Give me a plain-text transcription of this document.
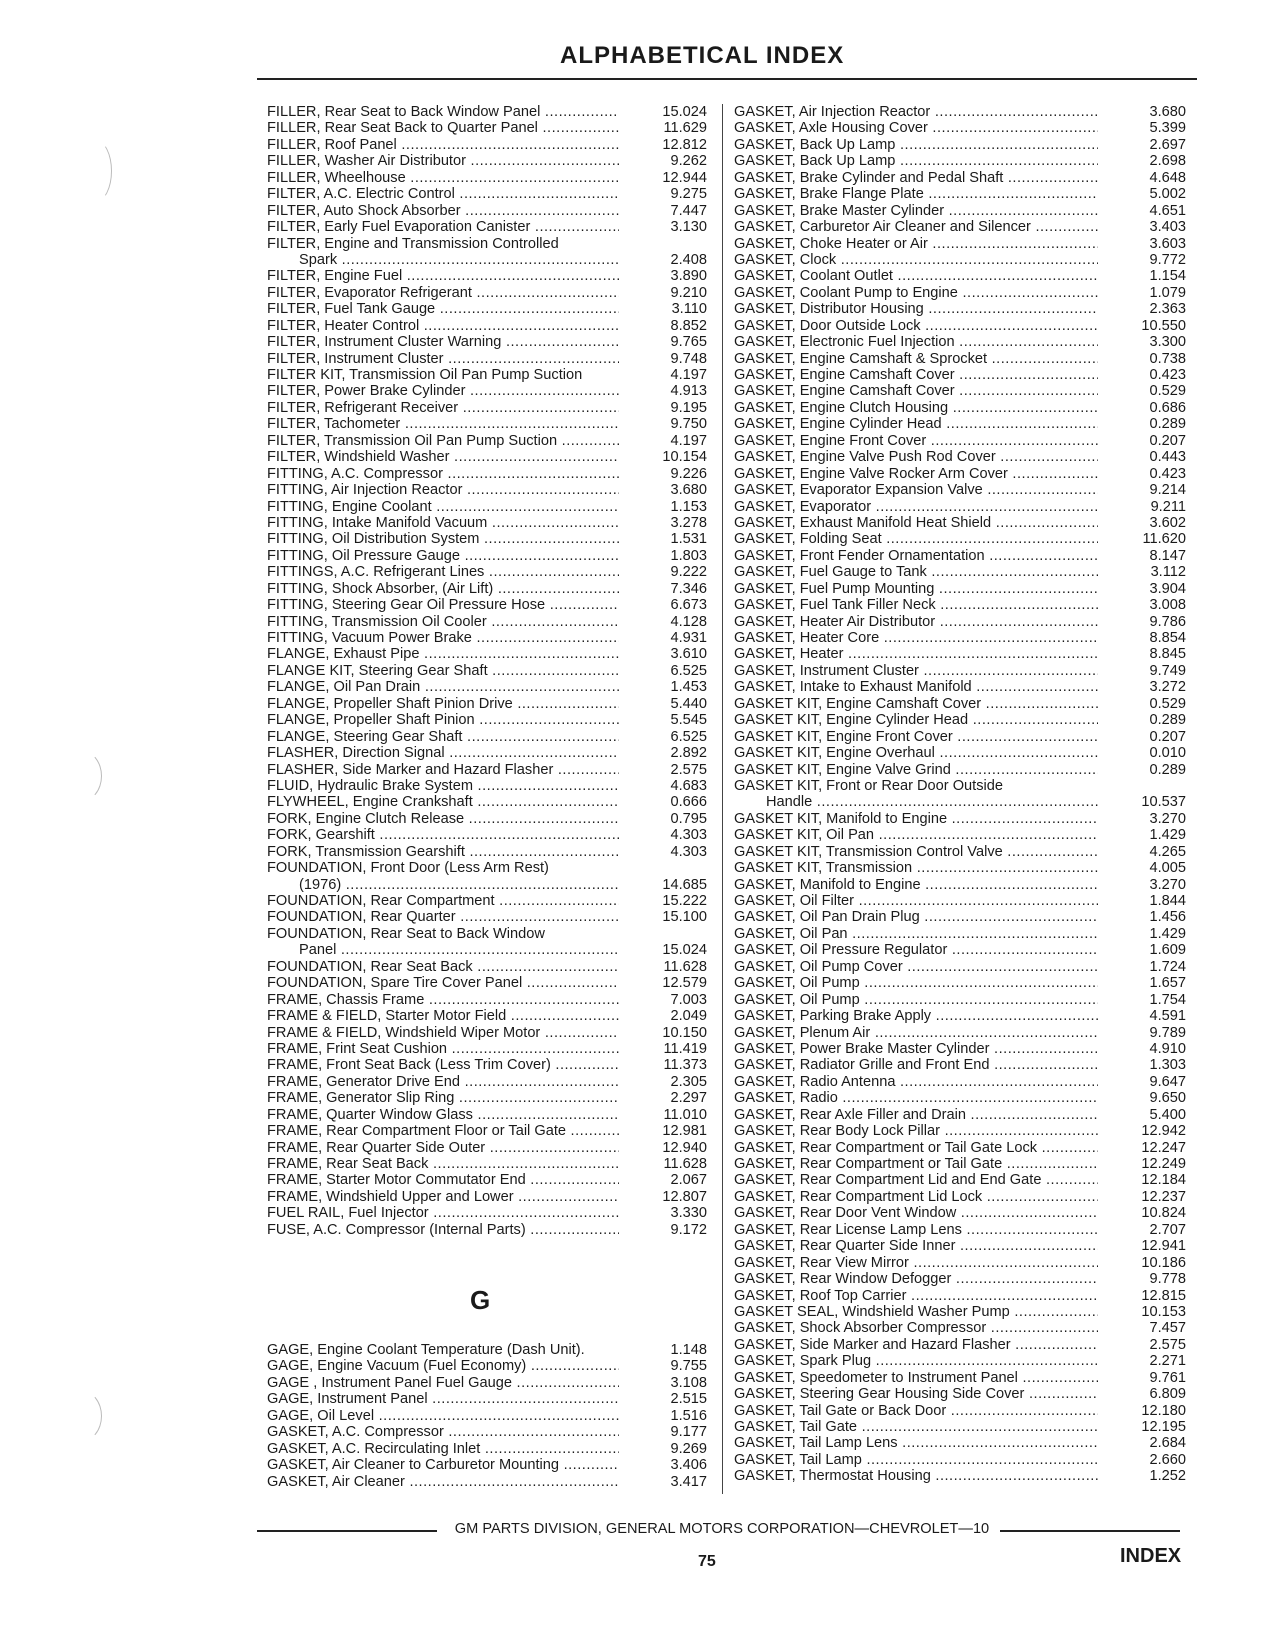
ALPHABETICAL INDEX
FILLER, Rear Seat to Back Window Panel .....	15.024
FILLER, Rear Seat Back to Quarter Panel .....	11.629
FILLER, Roof Panel .....	12.812
FILLER, Washer Air Distributor .....	9.262
FILLER, Wheelhouse .....	12.944
FILTER, A.C. Electric Control .....	9.275
FILTER, Auto Shock Absorber .....	7.447
FILTER, Early Fuel Evaporation Canister .....	3.130
FILTER, Engine and Transmission Controlled
Spark .....	2.408
FILTER, Engine Fuel .....	3.890
FILTER, Evaporator Refrigerant .....	9.210
FILTER, Fuel Tank Gauge .....	3.110
FILTER, Heater Control .....	8.852
FILTER, Instrument Cluster Warning .....	9.765
FILTER, Instrument Cluster .....	9.748
FILTER KIT, Transmission Oil Pan Pump Suction	4.197
FILTER, Power Brake Cylinder .....	4.913
FILTER, Refrigerant Receiver .....	9.195
FILTER, Tachometer .....	9.750
FILTER, Transmission Oil Pan Pump Suction .....	4.197
FILTER, Windshield Washer .....	10.154
FITTING, A.C. Compressor .....	9.226
FITTING, Air Injection Reactor .....	3.680
FITTING, Engine Coolant .....	1.153
FITTING, Intake Manifold Vacuum .....	3.278
FITTING, Oil Distribution System .....	1.531
FITTING, Oil Pressure Gauge .....	1.803
FITTINGS, A.C. Refrigerant Lines .....	9.222
FITTING, Shock Absorber, (Air Lift) .....	7.346
FITTING, Steering Gear Oil Pressure Hose .....	6.673
FITTING, Transmission Oil Cooler .....	4.128
FITTING, Vacuum Power Brake .....	4.931
FLANGE, Exhaust Pipe .....	3.610
FLANGE KIT, Steering Gear Shaft .....	6.525
FLANGE, Oil Pan Drain .....	1.453
FLANGE, Propeller Shaft Pinion Drive .....	5.440
FLANGE, Propeller Shaft Pinion .....	5.545
FLANGE, Steering Gear Shaft .....	6.525
FLASHER, Direction Signal .....	2.892
FLASHER, Side Marker and Hazard Flasher .....	2.575
FLUID, Hydraulic Brake System .....	4.683
FLYWHEEL, Engine Crankshaft .....	0.666
FORK, Engine Clutch Release .....	0.795
FORK, Gearshift .....	4.303
FORK, Transmission Gearshift .....	4.303
FOUNDATION, Front Door (Less Arm Rest)
(1976) .....	14.685
FOUNDATION, Rear Compartment .....	15.222
FOUNDATION, Rear Quarter .....	15.100
FOUNDATION, Rear Seat to Back Window
Panel .....	15.024
FOUNDATION, Rear Seat Back .....	11.628
FOUNDATION, Spare Tire Cover Panel .....	12.579
FRAME, Chassis Frame .....	7.003
FRAME & FIELD, Starter Motor Field .....	2.049
FRAME & FIELD, Windshield Wiper Motor .....	10.150
FRAME, Frint Seat Cushion .....	11.419
FRAME, Front Seat Back (Less Trim Cover) .....	11.373
FRAME, Generator Drive End .....	2.305
FRAME, Generator Slip Ring .....	2.297
FRAME, Quarter Window Glass .....	11.010
FRAME, Rear Compartment Floor or Tail Gate .....	12.981
FRAME, Rear Quarter Side Outer .....	12.940
FRAME, Rear Seat Back .....	11.628
FRAME, Starter Motor Commutator End .....	2.067
FRAME, Windshield Upper and Lower .....	12.807
FUEL RAIL, Fuel Injector .....	3.330
FUSE, A.C. Compressor (Internal Parts) .....	9.172
G
GAGE, Engine Coolant Temperature (Dash Unit).	1.148
GAGE, Engine Vacuum (Fuel Economy) .....	9.755
GAGE , Instrument Panel Fuel Gauge .....	3.108
GAGE, Instrument Panel .....	2.515
GAGE, Oil Level .....	1.516
GASKET, A.C. Compressor .....	9.177
GASKET, A.C. Recirculating Inlet .....	9.269
GASKET, Air Cleaner to Carburetor Mounting .....	3.406
GASKET, Air Cleaner .....	3.417
GASKET, Air Injection Reactor .....	3.680
GASKET, Axle Housing Cover .....	5.399
GASKET, Back Up Lamp .....	2.697
GASKET, Back Up Lamp .....	2.698
GASKET, Brake Cylinder and Pedal Shaft .....	4.648
GASKET, Brake Flange Plate .....	5.002
GASKET, Brake Master Cylinder .....	4.651
GASKET, Carburetor Air Cleaner and Silencer .....	3.403
GASKET, Choke Heater or Air .....	3.603
GASKET, Clock .....	9.772
GASKET, Coolant Outlet .....	1.154
GASKET, Coolant Pump to Engine .....	1.079
GASKET, Distributor Housing .....	2.363
GASKET, Door Outside Lock .....	10.550
GASKET, Electronic Fuel Injection .....	3.300
GASKET, Engine Camshaft & Sprocket .....	0.738
GASKET, Engine Camshaft Cover .....	0.423
GASKET, Engine Camshaft Cover .....	0.529
GASKET, Engine Clutch Housing .....	0.686
GASKET, Engine Cylinder Head .....	0.289
GASKET, Engine Front Cover .....	0.207
GASKET, Engine Valve Push Rod Cover .....	0.443
GASKET, Engine Valve Rocker Arm Cover .....	0.423
GASKET, Evaporator Expansion Valve .....	9.214
GASKET, Evaporator .....	9.211
GASKET, Exhaust Manifold Heat Shield .....	3.602
GASKET, Folding Seat .....	11.620
GASKET, Front Fender Ornamentation .....	8.147
GASKET, Fuel Gauge to Tank .....	3.112
GASKET, Fuel Pump Mounting .....	3.904
GASKET, Fuel Tank Filler Neck .....	3.008
GASKET, Heater Air Distributor .....	9.786
GASKET, Heater Core .....	8.854
GASKET, Heater .....	8.845
GASKET, Instrument Cluster .....	9.749
GASKET, Intake to Exhaust Manifold .....	3.272
GASKET KIT, Engine Camshaft Cover .....	0.529
GASKET KIT, Engine Cylinder Head .....	0.289
GASKET KIT, Engine Front Cover .....	0.207
GASKET KIT, Engine Overhaul .....	0.010
GASKET KIT, Engine Valve Grind .....	0.289
GASKET KIT, Front or Rear Door Outside
Handle .....	10.537
GASKET KIT, Manifold to Engine .....	3.270
GASKET KIT, Oil Pan .....	1.429
GASKET KIT, Transmission Control Valve .....	4.265
GASKET KIT, Transmission .....	4.005
GASKET, Manifold to Engine .....	3.270
GASKET, Oil Filter .....	1.844
GASKET, Oil Pan Drain Plug .....	1.456
GASKET, Oil Pan .....	1.429
GASKET, Oil Pressure Regulator .....	1.609
GASKET, Oil Pump Cover .....	1.724
GASKET, Oil Pump .....	1.657
GASKET, Oil Pump .....	1.754
GASKET, Parking Brake Apply .....	4.591
GASKET, Plenum Air .....	9.789
GASKET, Power Brake Master Cylinder .....	4.910
GASKET, Radiator Grille and Front End .....	1.303
GASKET, Radio Antenna .....	9.647
GASKET, Radio .....	9.650
GASKET, Rear Axle Filler and Drain .....	5.400
GASKET, Rear Body Lock Pillar .....	12.942
GASKET, Rear Compartment or Tail Gate Lock .....	12.247
GASKET, Rear Compartment or Tail Gate .....	12.249
GASKET, Rear Compartment Lid and End Gate .....	12.184
GASKET, Rear Compartment Lid Lock .....	12.237
GASKET, Rear Door Vent Window .....	10.824
GASKET, Rear License Lamp Lens .....	2.707
GASKET, Rear Quarter Side Inner .....	12.941
GASKET, Rear View Mirror .....	10.186
GASKET, Rear Window Defogger .....	9.778
GASKET, Roof Top Carrier .....	12.815
GASKET SEAL, Windshield Washer Pump .....	10.153
GASKET, Shock Absorber Compressor .....	7.457
GASKET, Side Marker and Hazard Flasher .....	2.575
GASKET, Spark Plug .....	2.271
GASKET, Speedometer to Instrument Panel .....	9.761
GASKET, Steering Gear Housing Side Cover .....	6.809
GASKET, Tail Gate or Back Door .....	12.180
GASKET, Tail Gate .....	12.195
GASKET, Tail Lamp Lens .....	2.684
GASKET, Tail Lamp .....	2.660
GASKET, Thermostat Housing .....	1.252
GM PARTS DIVISION, GENERAL MOTORS CORPORATION—CHEVROLET—10
75	INDEX
